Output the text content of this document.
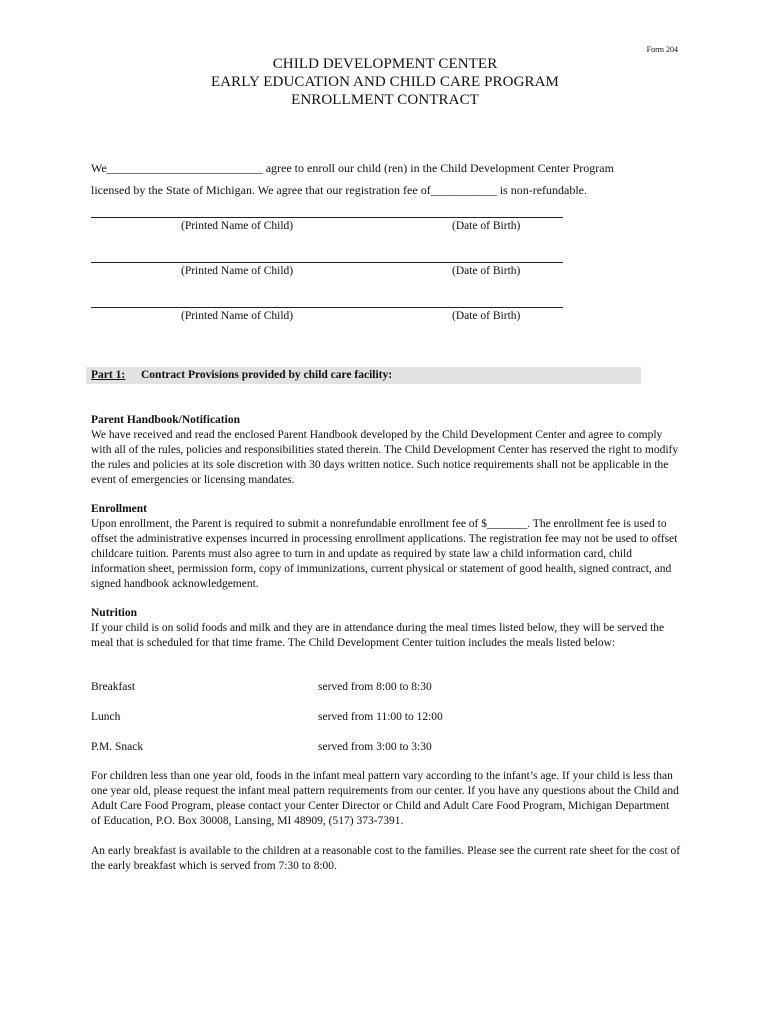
Form 204
CHILD DEVELOPMENT CENTER
EARLY EDUCATION AND CHILD CARE PROGRAM
ENROLLMENT CONTRACT
We__________________________ agree to enroll our child (ren) in the Child Development Center Program
licensed by the State of Michigan. We agree that our registration fee of___________ is non-refundable.
(Printed Name of Child)	(Date of Birth)
(Printed Name of Child)	(Date of Birth)
(Printed Name of Child)	(Date of Birth)
Part 1: Contract Provisions provided by child care facility:
Parent Handbook/Notification

We have received and read the enclosed Parent Handbook developed by the Child Development Center and agree to comply with all of the rules, policies and responsibilities stated therein. The Child Development Center has reserved the right to modify the rules and policies at its sole discretion with 30 days written notice. Such notice requirements shall not be applicable in the event of emergencies or licensing mandates.

Enrollment

Upon enrollment, the Parent is required to submit a nonrefundable enrollment fee of $_______. The enrollment fee is used to offset the administrative expenses incurred in processing enrollment applications. The registration fee may not be used to offset childcare tuition. Parents must also agree to turn in and update as required by state law a child information card, child information sheet, permission form, copy of immunizations, current physical or statement of good health, signed contract, and signed handbook acknowledgement.

Nutrition

If your child is on solid foods and milk and they are in attendance during the meal times listed below, they will be served the meal that is scheduled for that time frame. The Child Development Center tuition includes the meals listed below:

Breakfast	served from 8:00 to 8:30
Lunch	served from 11:00 to 12:00
P.M. Snack	served from 3:00 to 3:30

For children less than one year old, foods in the infant meal pattern vary according to the infant’s age. If your child is less than one year old, please request the infant meal pattern requirements from our center. If you have any questions about the Child and Adult Care Food Program, please contact your Center Director or Child and Adult Care Food Program, Michigan Department of Education, P.O. Box 30008, Lansing, MI 48909, (517) 373-7391.

An early breakfast is available to the children at a reasonable cost to the families. Please see the current rate sheet for the cost of the early breakfast which is served from 7:30 to 8:00.
